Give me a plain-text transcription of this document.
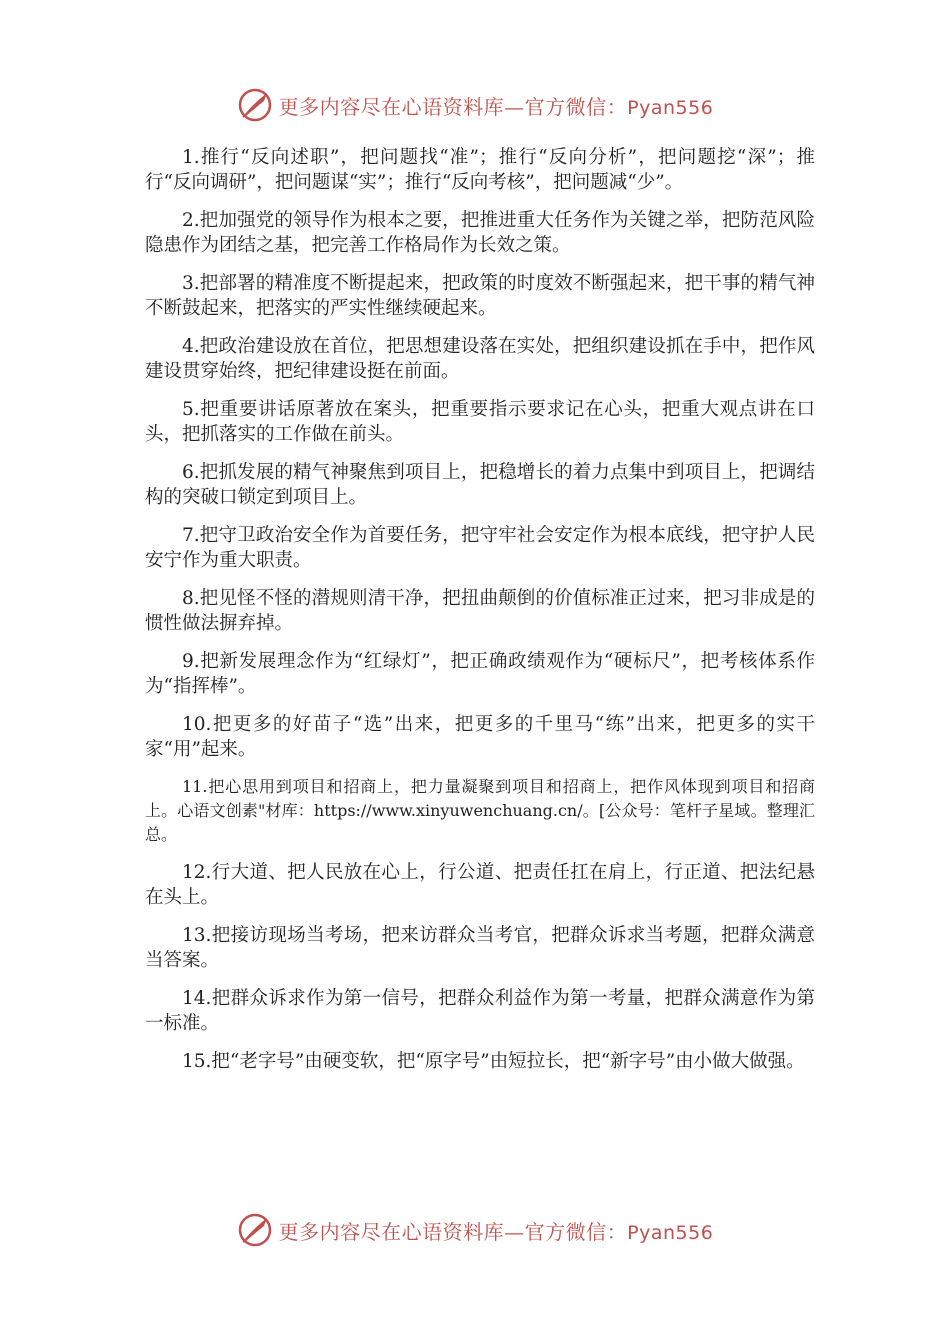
更多内容尽在心语资料库—官方微信：Pyan556

1.推行“反向述职”，把问题找“准”；推行“反向分析”，把问题挖“深”；推行“反向调研”，把问题谋“实”；推行“反向考核”，把问题减“少”。

2.把加强党的领导作为根本之要，把推进重大任务作为关键之举，把防范风险隐患作为团结之基，把完善工作格局作为长效之策。

3.把部署的精准度不断提起来，把政策的时度效不断强起来，把干事的精气神不断鼓起来，把落实的严实性继续硬起来。

4.把政治建设放在首位，把思想建设落在实处，把组织建设抓在手中，把作风建设贯穿始终，把纪律建设挺在前面。

5.把重要讲话原著放在案头，把重要指示要求记在心头，把重大观点讲在口头，把抓落实的工作做在前头。

6.把抓发展的精气神聚焦到项目上，把稳增长的着力点集中到项目上，把调结构的突破口锁定到项目上。

7.把守卫政治安全作为首要任务，把守牢社会安定作为根本底线，把守护人民安宁作为重大职责。

8.把见怪不怪的潜规则清干净，把扭曲颠倒的价值标准正过来，把习非成是的惯性做法摒弃掉。

9.把新发展理念作为“红绿灯”，把正确政绩观作为“硬标尺”，把考核体系作为“指挥棒”。

10.把更多的好苗子“选”出来，把更多的千里马“练”出来，把更多的实干家“用”起来。

11.把心思用到项目和招商上，把力量凝聚到项目和招商上，把作风体现到项目和招商上。心语文创素"材库：https://www.xinyuwenchuang.cn/。[公众号：笔杆子星域。整理汇总。

12.行大道、把人民放在心上，行公道、把责任扛在肩上，行正道、把法纪悬在头上。

13.把接访现场当考场，把来访群众当考官，把群众诉求当考题，把群众满意当答案。

14.把群众诉求作为第一信号，把群众利益作为第一考量，把群众满意作为第一标准。

15.把“老字号”由硬变软，把“原字号”由短拉长，把“新字号”由小做大做强。

更多内容尽在心语资料库—官方微信：Pyan556
